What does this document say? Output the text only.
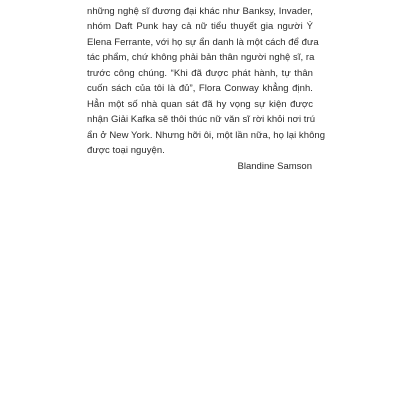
những nghệ sĩ đương đại khác như Banksy, Invader,
nhóm Daft Punk hay cả nữ tiểu thuyết gia người Ý
Elena Ferrante, với họ sự ẩn danh là một cách để đưa
tác phẩm, chứ không phải bản thân người nghệ sĩ, ra
trước công chúng. “Khi đã được phát hành, tự thân
cuốn sách của tôi là đủ”, Flora Conway khẳng định.
Hẳn một số nhà quan sát đã hy vọng sự kiện được
nhận Giải Kafka sẽ thôi thúc nữ văn sĩ rời khỏi nơi trú
ẩn ở New York. Nhưng hỡi ôi, một lần nữa, họ lại không
được toại nguyện.
Blandine Samson
